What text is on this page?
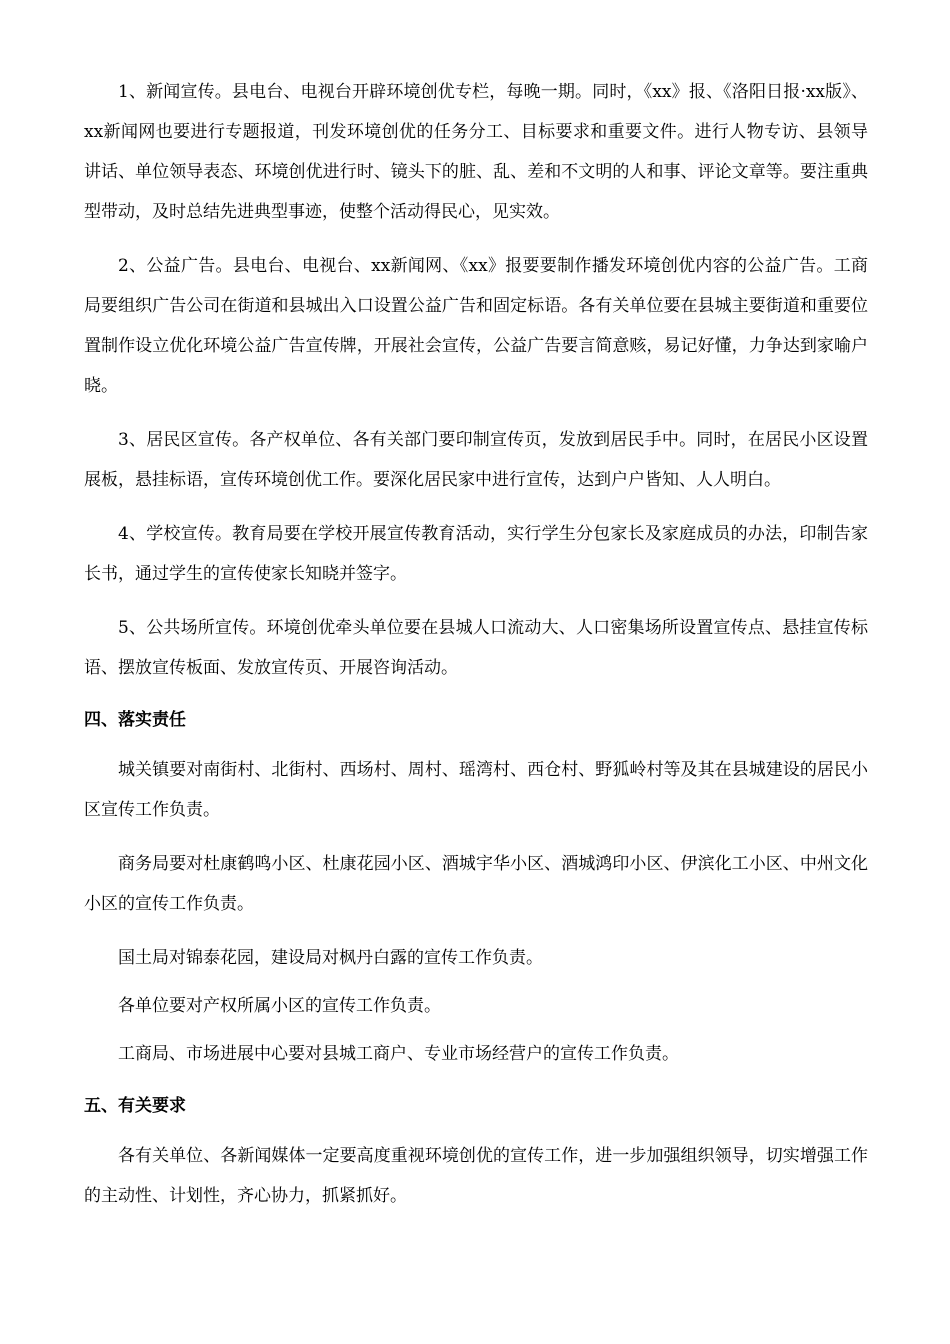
1、新闻宣传。县电台、电视台开辟环境创优专栏，每晚一期。同时，《xx》报、《洛阳日报·xx版》、xx新闻网也要进行专题报道，刊发环境创优的任务分工、目标要求和重要文件。进行人物专访、县领导讲话、单位领导表态、环境创优进行时、镜头下的脏、乱、差和不文明的人和事、评论文章等。要注重典型带动，及时总结先进典型事迹，使整个活动得民心，见实效。

2、公益广告。县电台、电视台、xx新闻网、《xx》报要要制作播发环境创优内容的公益广告。工商局要组织广告公司在街道和县城出入口设置公益广告和固定标语。各有关单位要在县城主要街道和重要位置制作设立优化环境公益广告宣传牌，开展社会宣传，公益广告要言简意赅，易记好懂，力争达到家喻户晓。

3、居民区宣传。各产权单位、各有关部门要印制宣传页，发放到居民手中。同时，在居民小区设置展板，悬挂标语，宣传环境创优工作。要深化居民家中进行宣传，达到户户皆知、人人明白。

4、学校宣传。教育局要在学校开展宣传教育活动，实行学生分包家长及家庭成员的办法，印制告家长书，通过学生的宣传使家长知晓并签字。

5、公共场所宣传。环境创优牵头单位要在县城人口流动大、人口密集场所设置宣传点、悬挂宣传标语、摆放宣传板面、发放宣传页、开展咨询活动。

四、落实责任

城关镇要对南街村、北街村、西场村、周村、瑶湾村、西仓村、野狐岭村等及其在县城建设的居民小区宣传工作负责。

商务局要对杜康鹤鸣小区、杜康花园小区、酒城宇华小区、酒城鸿印小区、伊滨化工小区、中州文化小区的宣传工作负责。

国土局对锦泰花园，建设局对枫丹白露的宣传工作负责。

各单位要对产权所属小区的宣传工作负责。

工商局、市场进展中心要对县城工商户、专业市场经营户的宣传工作负责。

五、有关要求

各有关单位、各新闻媒体一定要高度重视环境创优的宣传工作，进一步加强组织领导，切实增强工作的主动性、计划性，齐心协力，抓紧抓好。
